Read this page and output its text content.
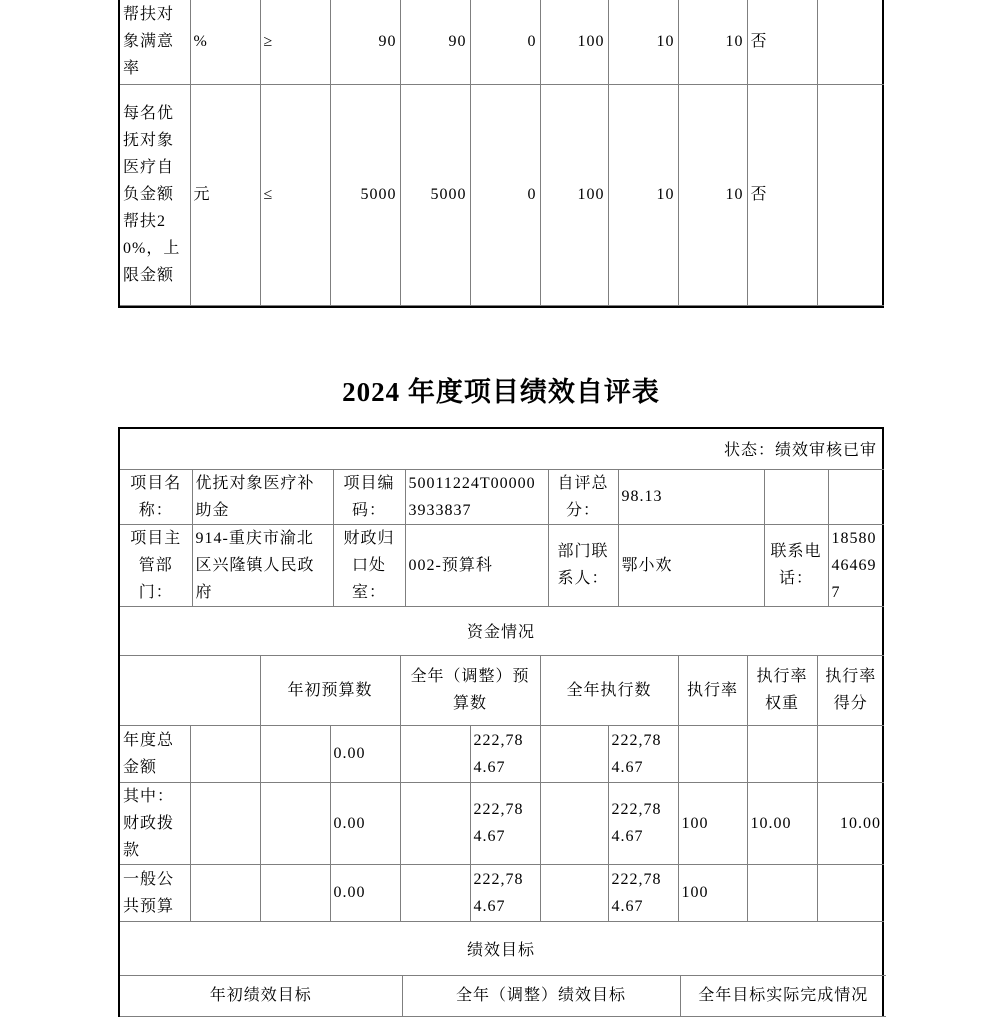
帮扶对象满意率	%	≥	90	90	0	100	10	10	否	
每名优抚对象医疗自负金额帮扶20%，上限金额	元	≤	5000	5000	0	100	10	10	否	
2024 年度项目绩效自评表
状态：绩效审核已审
项目名称：	优抚对象医疗补助金	项目编码：	50011224T000003933837	自评总分：	98.13		
项目主管部门：	914-重庆市渝北区兴隆镇人民政府	财政归口处室：	002-预算科	部门联系人：	鄂小欢	联系电话：	18580464697
资金情况
		年初预算数		全年（调整）预算数		全年执行数		执行率	执行率权重	执行率得分
年度总金额			0.00		222,784.67		222,784.67			
其中：财政拨款			0.00		222,784.67		222,784.67	100	10.00	10.00
一般公共预算			0.00		222,784.67		222,784.67	100		
绩效目标
年初绩效目标	全年（调整）绩效目标	全年目标实际完成情况
